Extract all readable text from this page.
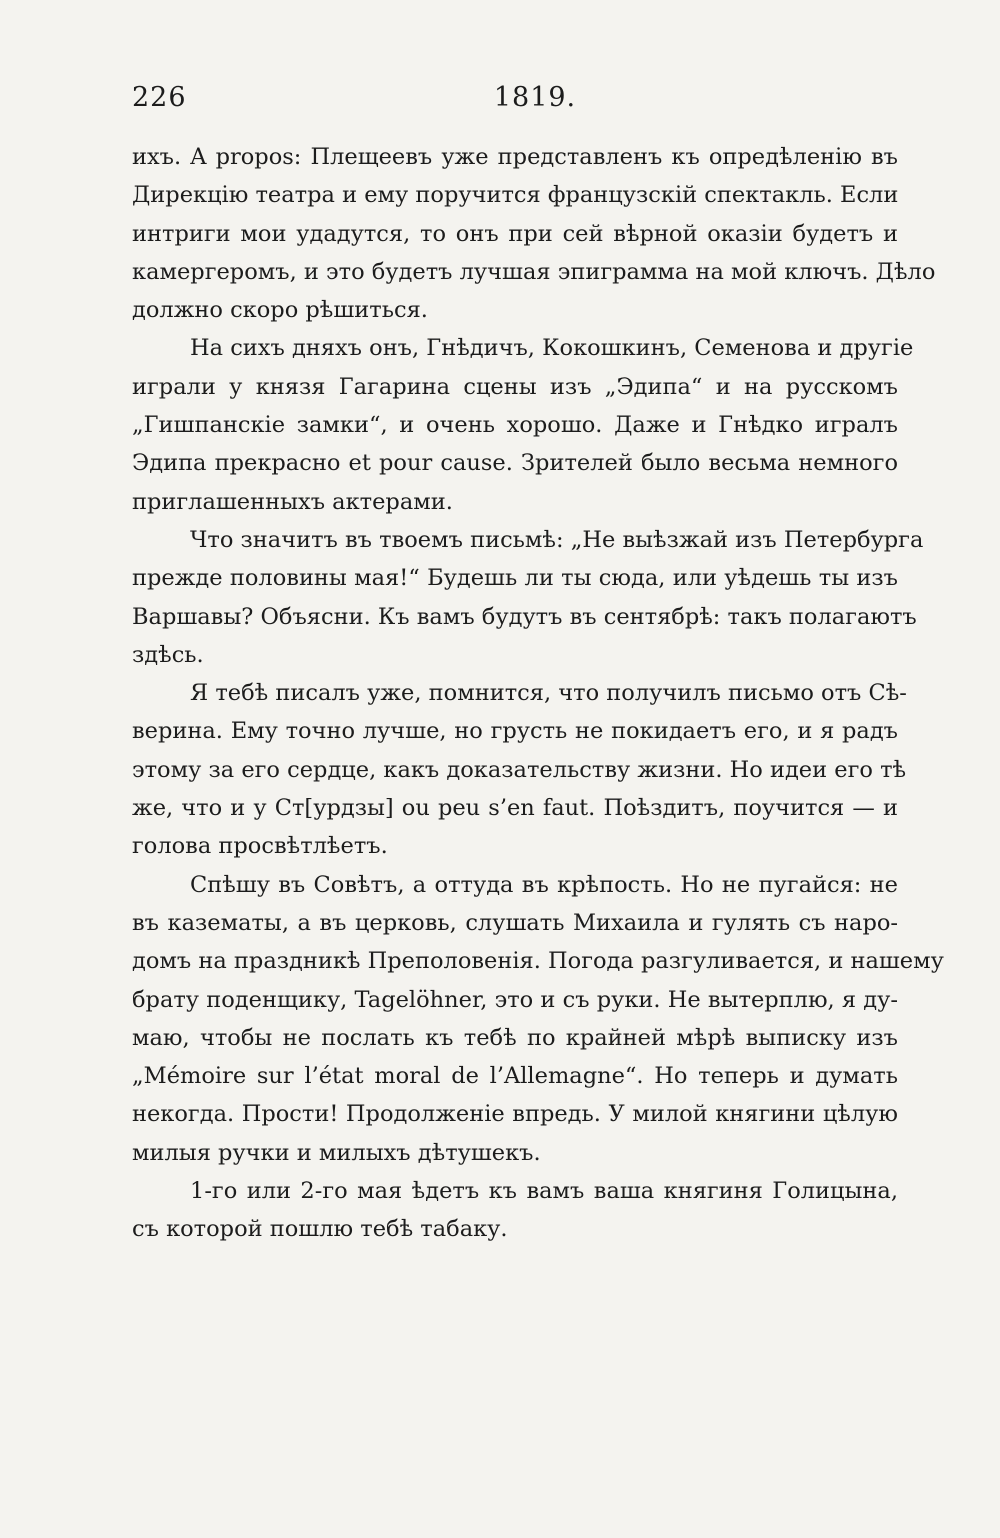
226	1819.
ихъ. A propos: Плещеевъ уже представленъ къ опредѣленію въ
Дирекцію театра и ему поручится французскій спектакль. Если
интриги мои удадутся, то онъ при сей вѣрной оказіи будетъ и
камергеромъ, и это будетъ лучшая эпиграмма на мой ключъ. Дѣло
должно скоро рѣшиться.
На сихъ дняхъ онъ, Гнѣдичъ, Кокошкинъ, Семенова и другіе
играли у князя Гагарина сцены изъ „Эдипа“ и на русскомъ
„Гишпанскіе замки“, и очень хорошо. Даже и Гнѣдко игралъ
Эдипа прекрасно et pour cause. Зрителей было весьма немного
приглашенныхъ актерами.
Что значитъ въ твоемъ письмѣ: „Не выѣзжай изъ Петербурга
прежде половины мая!“ Будешь ли ты сюда, или уѣдешь ты изъ
Варшавы? Объясни. Къ вамъ будутъ въ сентябрѣ: такъ полагаютъ
здѣсь.
Я тебѣ писалъ уже, помнится, что получилъ письмо отъ Сѣ-
верина. Ему точно лучше, но грусть не покидаетъ его, и я радъ
этому за его сердце, какъ доказательству жизни. Но идеи его тѣ
же, что и у Ст[урдзы] ou peu s’en faut. Поѣздитъ, поучится — и
голова просвѣтлѣетъ.
Спѣшу въ Совѣтъ, а оттуда въ крѣпость. Но не пугайся: не
въ казематы, а въ церковь, слушать Михаила и гулять съ наро-
домъ на праздникѣ Преполовенія. Погода разгуливается, и нашему
брату поденщику, Tagelöhner, это и съ руки. Не вытерплю, я ду-
маю, чтобы не послать къ тебѣ по крайней мѣрѣ выписку изъ
„Mémoire sur l’état moral de l’Allemagne“. Но теперь и думать
некогда. Прости! Продолженіе впредь. У милой княгини цѣлую
милыя ручки и милыхъ дѣтушекъ.
1-го или 2-го мая ѣдетъ къ вамъ ваша княгиня Голицына,
съ которой пошлю тебѣ табаку.
